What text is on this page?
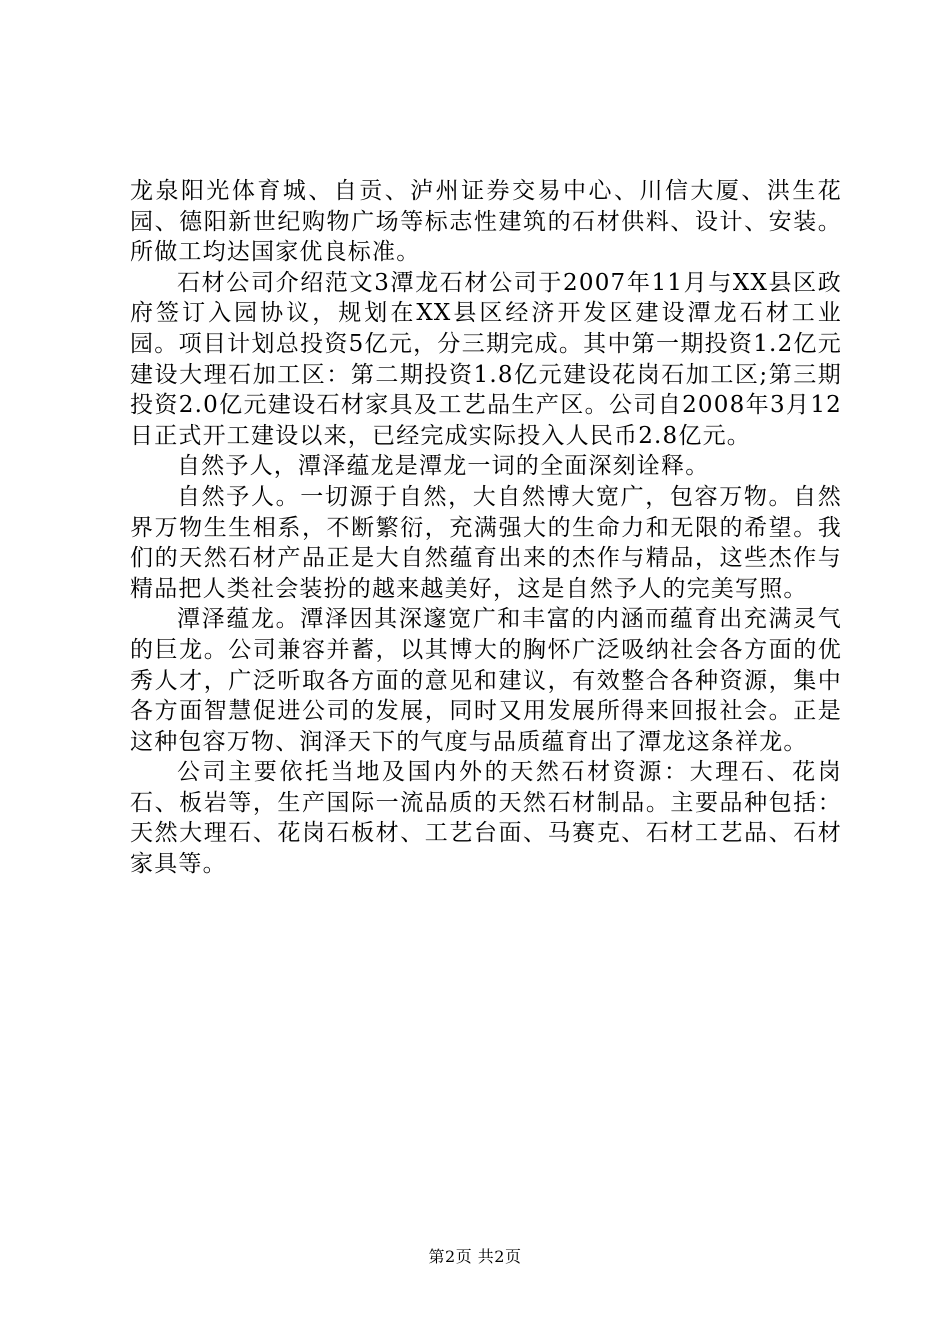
龙泉阳光体育城、自贡、泸州证券交易中心、川信大厦、洪生花园、德阳新世纪购物广场等标志性建筑的石材供料、设计、安装。所做工均达国家优良标准。

石材公司介绍范文3潭龙石材公司于2007年11月与XX县区政府签订入园协议，规划在XX县区经济开发区建设潭龙石材工业园。项目计划总投资5亿元，分三期完成。其中第一期投资1.2亿元建设大理石加工区：第二期投资1.8亿元建设花岗石加工区;第三期投资2.0亿元建设石材家具及工艺品生产区。公司自2008年3月12日正式开工建设以来，已经完成实际投入人民币2.8亿元。

自然予人，潭泽蕴龙是潭龙一词的全面深刻诠释。

自然予人。一切源于自然，大自然博大宽广，包容万物。自然界万物生生相系，不断繁衍，充满强大的生命力和无限的希望。我们的天然石材产品正是大自然蕴育出来的杰作与精品，这些杰作与精品把人类社会装扮的越来越美好，这是自然予人的完美写照。

潭泽蕴龙。潭泽因其深邃宽广和丰富的内涵而蕴育出充满灵气的巨龙。公司兼容并蓄，以其博大的胸怀广泛吸纳社会各方面的优秀人才，广泛听取各方面的意见和建议，有效整合各种资源，集中各方面智慧促进公司的发展，同时又用发展所得来回报社会。正是这种包容万物、润泽天下的气度与品质蕴育出了潭龙这条祥龙。

公司主要依托当地及国内外的天然石材资源：大理石、花岗石、板岩等，生产国际一流品质的天然石材制品。主要品种包括：天然大理石、花岗石板材、工艺台面、马赛克、石材工艺品、石材家具等。

第2页 共2页
